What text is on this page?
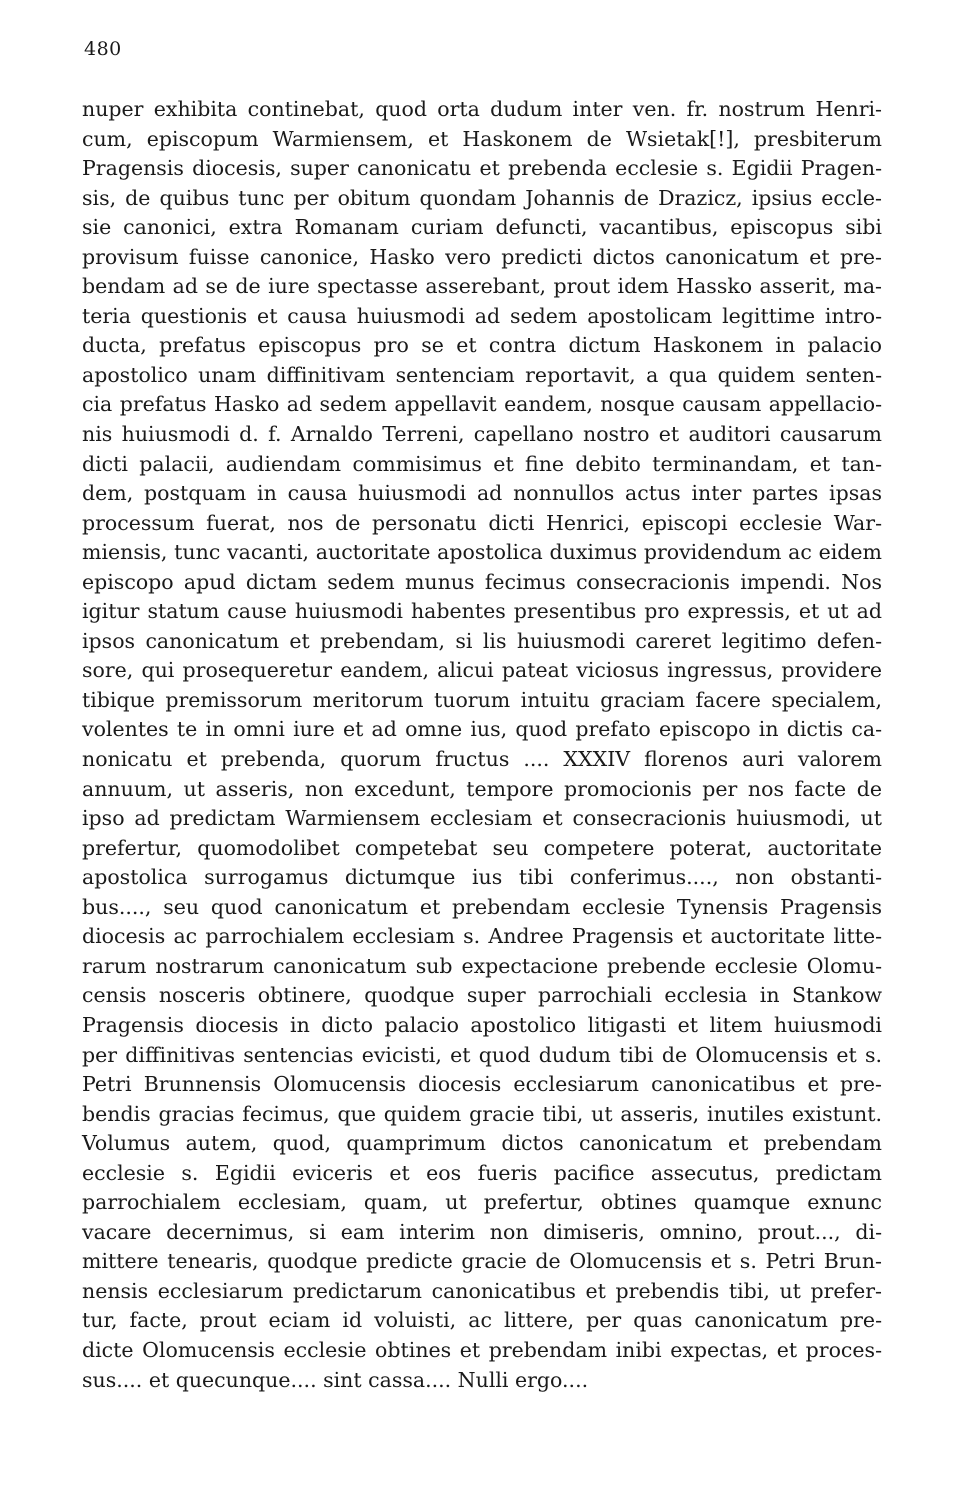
480
nuper exhibita continebat, quod orta dudum inter ven. fr. nostrum Henri-
cum, episcopum Warmiensem, et Haskonem de Wsietak[!], presbiterum
Pragensis diocesis, super canonicatu et prebenda ecclesie s. Egidii Pragen-
sis, de quibus tunc per obitum quondam Johannis de Drazicz, ipsius eccle-
sie canonici, extra Romanam curiam defuncti, vacantibus, episcopus sibi
provisum fuisse canonice, Hasko vero predicti dictos canonicatum et pre-
bendam ad se de iure spectasse asserebant, prout idem Hassko asserit, ma-
teria questionis et causa huiusmodi ad sedem apostolicam legittime intro-
ducta, prefatus episcopus pro se et contra dictum Haskonem in palacio
apostolico unam diffinitivam sentenciam reportavit, a qua quidem senten-
cia prefatus Hasko ad sedem appellavit eandem, nosque causam appellacio-
nis huiusmodi d. f. Arnaldo Terreni, capellano nostro et auditori causarum
dicti palacii, audiendam commisimus et fine debito terminandam, et tan-
dem, postquam in causa huiusmodi ad nonnullos actus inter partes ipsas
processum fuerat, nos de personatu dicti Henrici, episcopi ecclesie War-
miensis, tunc vacanti, auctoritate apostolica duximus providendum ac eidem
episcopo apud dictam sedem munus fecimus consecracionis impendi. Nos
igitur statum cause huiusmodi habentes presentibus pro expressis, et ut ad
ipsos canonicatum et prebendam, si lis huiusmodi careret legitimo defen-
sore, qui prosequeretur eandem, alicui pateat viciosus ingressus, providere
tibique premissorum meritorum tuorum intuitu graciam facere specialem,
volentes te in omni iure et ad omne ius, quod prefato episcopo in dictis ca-
nonicatu et prebenda, quorum fructus .... XXXIV florenos auri valorem
annuum, ut asseris, non excedunt, tempore promocionis per nos facte de
ipso ad predictam Warmiensem ecclesiam et consecracionis huiusmodi, ut
prefertur, quomodolibet competebat seu competere poterat, auctoritate
apostolica surrogamus dictumque ius tibi conferimus...., non obstanti-
bus...., seu quod canonicatum et prebendam ecclesie Tynensis Pragensis
diocesis ac parrochialem ecclesiam s. Andree Pragensis et auctoritate litte-
rarum nostrarum canonicatum sub expectacione prebende ecclesie Olomu-
censis nosceris obtinere, quodque super parrochiali ecclesia in Stankow
Pragensis diocesis in dicto palacio apostolico litigasti et litem huiusmodi
per diffinitivas sentencias evicisti, et quod dudum tibi de Olomucensis et s.
Petri Brunnensis Olomucensis diocesis ecclesiarum canonicatibus et pre-
bendis gracias fecimus, que quidem gracie tibi, ut asseris, inutiles existunt.
Volumus autem, quod, quamprimum dictos canonicatum et prebendam
ecclesie s. Egidii eviceris et eos fueris pacifice assecutus, predictam
parrochialem ecclesiam, quam, ut prefertur, obtines quamque exnunc
vacare decernimus, si eam interim non dimiseris, omnino, prout..., di-
mittere tenearis, quodque predicte gracie de Olomucensis et s. Petri Brun-
nensis ecclesiarum predictarum canonicatibus et prebendis tibi, ut prefer-
tur, facte, prout eciam id voluisti, ac littere, per quas canonicatum pre-
dicte Olomucensis ecclesie obtines et prebendam inibi expectas, et proces-
sus.... et quecunque.... sint cassa.... Nulli ergo....
